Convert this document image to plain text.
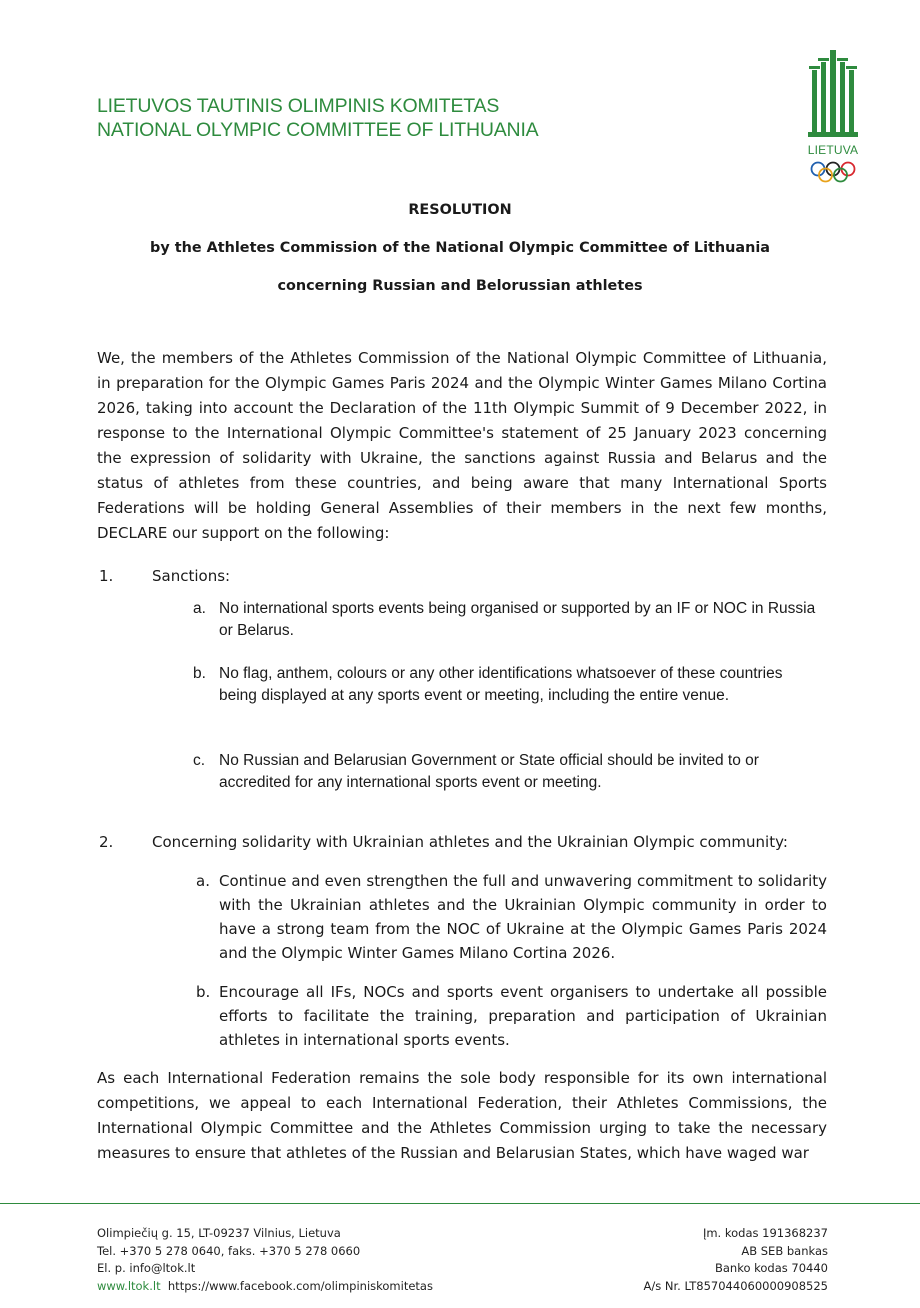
LIETUVOS TAUTINIS OLIMPINIS KOMITETAS
NATIONAL OLYMPIC COMMITTEE OF LITHUANIA
LIETUVA
RESOLUTION
by the Athletes Commission of the National Olympic Committee of Lithuania
concerning Russian and Belorussian athletes
We, the members of the Athletes Commission of the National Olympic Committee of Lithuania, in preparation for the Olympic Games Paris 2024 and the Olympic Winter Games Milano Cortina 2026, taking into account the Declaration of the 11th Olympic Summit of 9 December 2022, in response to the International Olympic Committee's statement of 25 January 2023 concerning the expression of solidarity with Ukraine, the sanctions against Russia and Belarus and the status of athletes from these countries, and being aware that many International Sports Federations will be holding General Assemblies of their members in the next few months, DECLARE our support on the following:
1.	Sanctions:
a. No international sports events being organised or supported by an IF or NOC in Russia or Belarus.
b. No flag, anthem, colours or any other identifications whatsoever of these countries being displayed at any sports event or meeting, including the entire venue.
c. No Russian and Belarusian Government or State official should be invited to or accredited for any international sports event or meeting.
2.	Concerning solidarity with Ukrainian athletes and the Ukrainian Olympic community:
a. Continue and even strengthen the full and unwavering commitment to solidarity with the Ukrainian athletes and the Ukrainian Olympic community in order to have a strong team from the NOC of Ukraine at the Olympic Games Paris 2024 and the Olympic Winter Games Milano Cortina 2026.
b. Encourage all IFs, NOCs and sports event organisers to undertake all possible efforts to facilitate the training, preparation and participation of Ukrainian athletes in international sports events.
As each International Federation remains the sole body responsible for its own international competitions, we appeal to each International Federation, their Athletes Commissions, the International Olympic Committee and the Athletes Commission urging to take the necessary measures to ensure that athletes of the Russian and Belarusian States, which have waged war
Olimpiečių g. 15, LT-09237 Vilnius, Lietuva
Tel. +370 5 278 0640, faks. +370 5 278 0660
El. p. info@ltok.lt
www.ltok.lt https://www.facebook.com/olimpiniskomitetas
Įm. kodas 191368237
AB SEB bankas
Banko kodas 70440
A/s Nr. LT857044060000908525
